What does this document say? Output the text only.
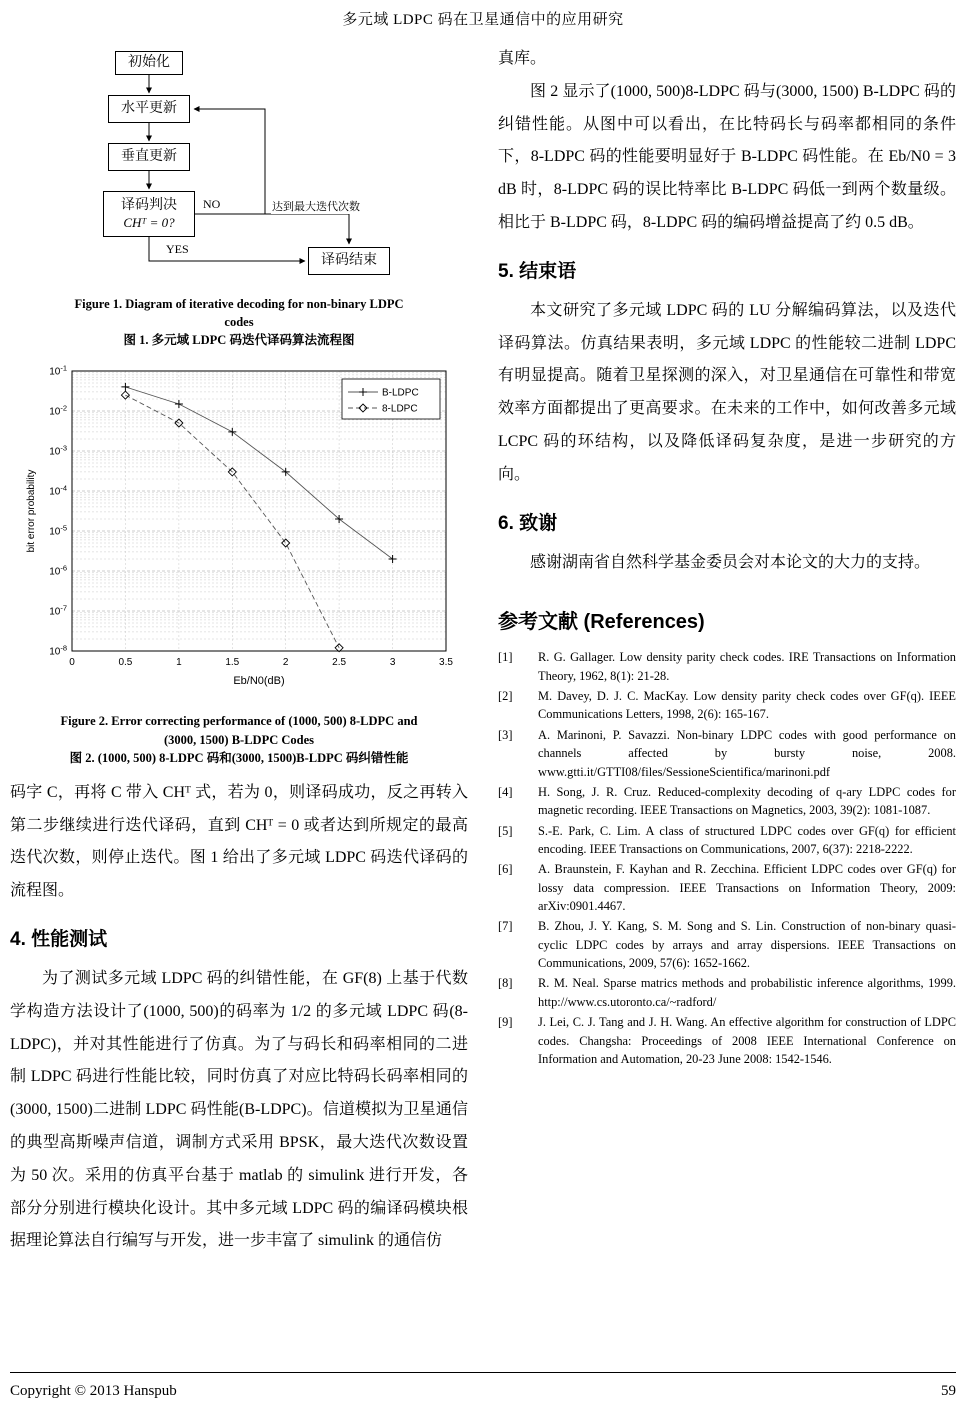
多元域 LDPC 码在卫星通信中的应用研究
初始化
水平更新
垂直更新
译码判决
CHᵀ = 0?
译码结束
NO	达到最大迭代次数
YES
Figure 1. Diagram of iterative decoding for non-binary LDPC
codes
图 1. 多元域 LDPC 码迭代译码算法流程图
$10^{-1}$
$10^{-2}$
$10^{-3}$
$10^{-4}$
$10^{-5}$
$10^{-6}$
$10^{-7}$
$10^{-8}$
0	0.5	1	1.5	2	2.5	3	3.5
B-LDPC
8-LDPC
Eb/N0(dB)
bit error probability
Figure 2. Error correcting performance of (1000, 500) 8-LDPC and
(3000, 1500) B-LDPC Codes
图 2. (1000, 500) 8-LDPC 码和(3000, 1500)B-LDPC 码纠错性能

码字 C，再将 C 带入 CHᵀ 式，若为 0，则译码成功，反之再转入第二步继续进行迭代译码，直到 CHᵀ = 0 或者达到所规定的最高迭代次数，则停止迭代。图 1 给出了多元域 LDPC 码迭代译码的流程图。

4. 性能测试

为了测试多元域 LDPC 码的纠错性能，在 GF(8) 上基于代数学构造方法设计了(1000, 500)的码率为 1/2 的多元域 LDPC 码(8-LDPC)，并对其性能进行了仿真。为了与码长和码率相同的二进制 LDPC 码进行性能比较，同时仿真了对应比特码长码率相同的(3000, 1500)二进制 LDPC 码性能(B-LDPC)。信道模拟为卫星通信的典型高斯噪声信道，调制方式采用 BPSK，最大迭代次数设置为 50 次。采用的仿真平台基于 matlab 的 simulink 进行开发，各部分分别进行模块化设计。其中多元域 LDPC 码的编译码模块根据理论算法自行编写与开发，进一步丰富了 simulink 的通信仿

真库。

图 2 显示了(1000, 500)8-LDPC 码与(3000, 1500) B-LDPC 码的纠错性能。从图中可以看出，在比特码长与码率都相同的条件下，8-LDPC 码的性能要明显好于 B-LDPC 码性能。在 Eb/N0 = 3 dB 时，8-LDPC 码的误比特率比 B-LDPC 码低一到两个数量级。相比于 B-LDPC 码，8-LDPC 码的编码增益提高了约 0.5 dB。

5. 结束语

本文研究了多元域 LDPC 码的 LU 分解编码算法，以及迭代译码算法。仿真结果表明，多元域 LDPC 的性能较二进制 LDPC 有明显提高。随着卫星探测的深入，对卫星通信在可靠性和带宽效率方面都提出了更高要求。在未来的工作中，如何改善多元域 LCPC 码的环结构，以及降低译码复杂度，是进一步研究的方向。

6. 致谢

感谢湖南省自然科学基金委员会对本论文的大力的支持。

参考文献 (References)
[1]	R. G. Gallager. Low density parity check codes. IRE Transactions on Information Theory, 1962, 8(1): 21-28.
[2]	M. Davey, D. J. C. MacKay. Low density parity check codes over GF(q). IEEE Communications Letters, 1998, 2(6): 165-167.
[3]	A. Marinoni, P. Savazzi. Non-binary LDPC codes with good performance on channels affected by bursty noise, 2008. www.gtti.it/GTTI08/files/SessioneScientifica/marinoni.pdf
[4]	H. Song, J. R. Cruz. Reduced-complexity decoding of q-ary LDPC codes for magnetic recording. IEEE Transactions on Magnetics, 2003, 39(2): 1081-1087.
[5]	S.-E. Park, C. Lim. A class of structured LDPC codes over GF(q) for efficient encoding. IEEE Transactions on Communications, 2007, 6(37): 2218-2222.
[6]	A. Braunstein, F. Kayhan and R. Zecchina. Efficient LDPC codes over GF(q) for lossy data compression. IEEE Transactions on Information Theory, 2009: arXiv:0901.4467.
[7]	B. Zhou, J. Y. Kang, S. M. Song and S. Lin. Construction of non-binary quasi-cyclic LDPC codes by arrays and array dispersions. IEEE Transactions on Communications, 2009, 57(6): 1652-1662.
[8]	R. M. Neal. Sparse matrics methods and probabilistic inference algorithms, 1999. http://www.cs.utoronto.ca/~radford/
[9]	J. Lei, C. J. Tang and J. H. Wang. An effective algorithm for construction of LDPC codes. Changsha: Proceedings of 2008 IEEE International Conference on Information and Automation, 20-23 June 2008: 1542-1546.
Copyright © 2013 Hanspub	59
